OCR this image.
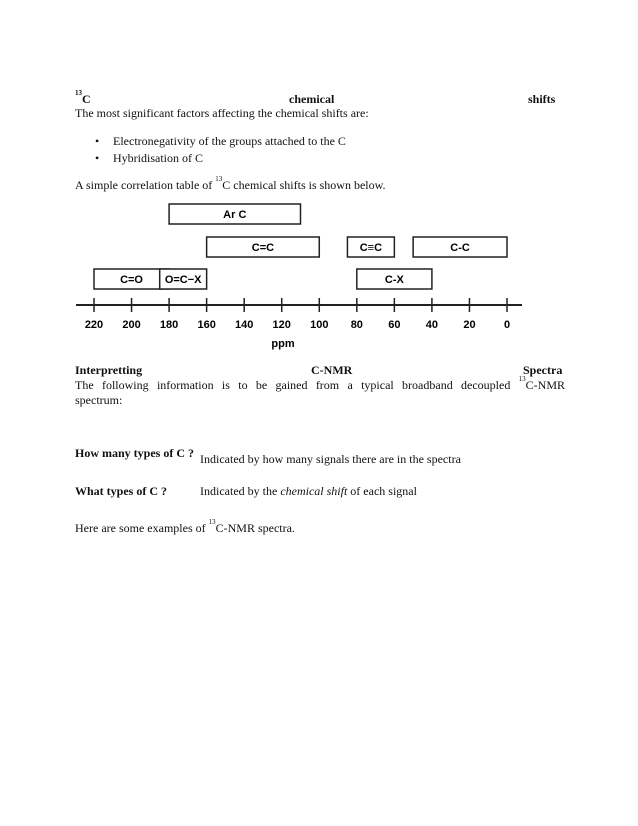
$^{13}$C	chemical	shifts
The most significant factors affecting the chemical shifts are:
• Electronegativity of the groups attached to the C
• Hybridisation of C
A simple correlation table of $^{13}$C chemical shifts is shown below.
Ar C
C=C	C≡C	C-C
C=O O=C−X	C-X
220 200 180 160 140 120 100 80 60 40 20	0
ppm
Interpretting	C-NMR	Spectra
The following information is to be gained from a typical broadband decoupled $^{13}$C-NMR
spectrum:
How many types of C ? Indicated by how many signals there are in the spectra
What types of C ?	Indicated by the chemical shift of each signal
Here are some examples of $^{13}$C-NMR spectra.
